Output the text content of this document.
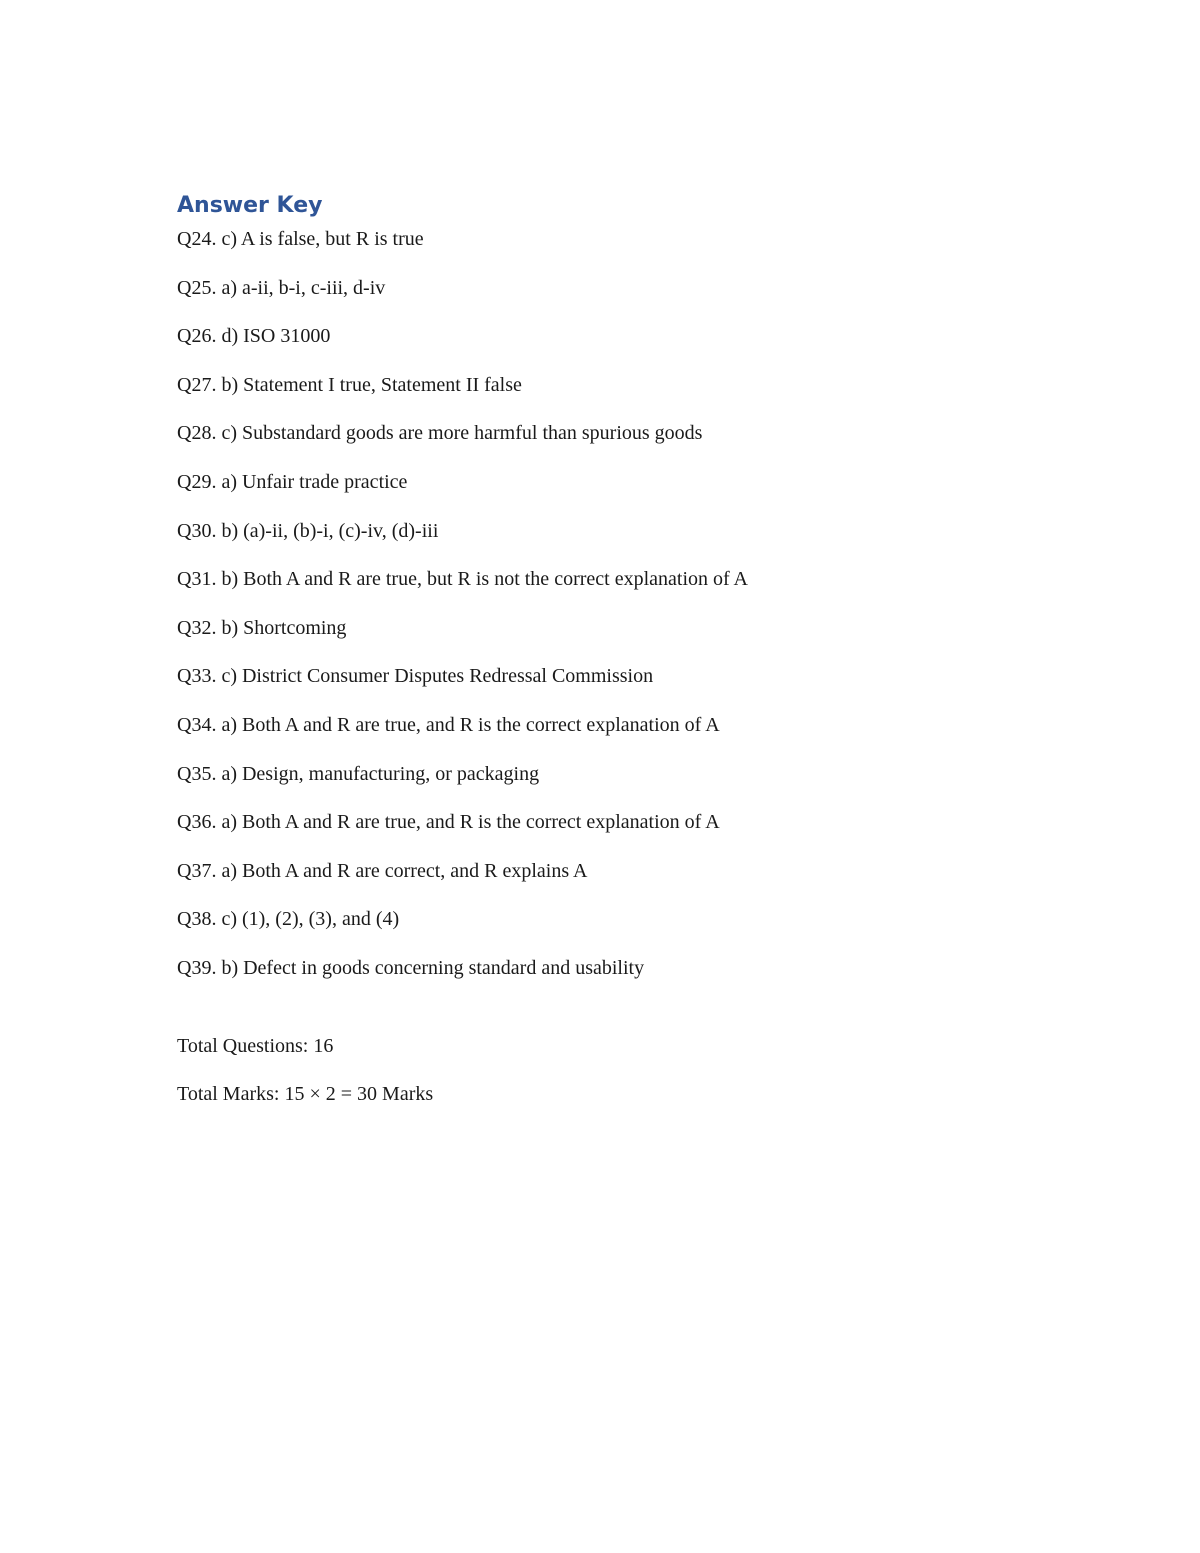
Answer Key
Q24. c) A is false, but R is true
Q25. a) a-ii, b-i, c-iii, d-iv
Q26. d) ISO 31000
Q27. b) Statement I true, Statement II false
Q28. c) Substandard goods are more harmful than spurious goods
Q29. a) Unfair trade practice
Q30. b) (a)-ii, (b)-i, (c)-iv, (d)-iii
Q31. b) Both A and R are true, but R is not the correct explanation of A
Q32. b) Shortcoming
Q33. c) District Consumer Disputes Redressal Commission
Q34. a) Both A and R are true, and R is the correct explanation of A
Q35. a) Design, manufacturing, or packaging
Q36. a) Both A and R are true, and R is the correct explanation of A
Q37. a) Both A and R are correct, and R explains A
Q38. c) (1), (2), (3), and (4)
Q39. b) Defect in goods concerning standard and usability
Total Questions: 16
Total Marks: 15 × 2 = 30 Marks
